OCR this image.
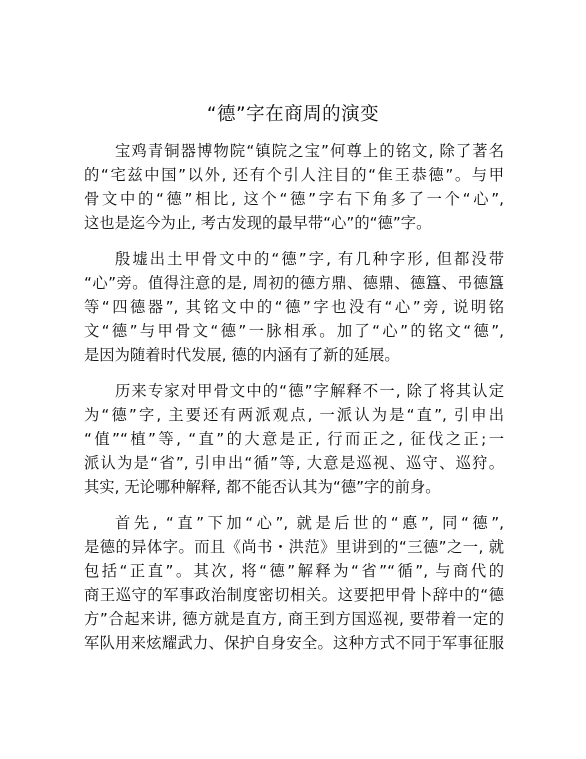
“德”字在商周的演变
宝鸡青铜器博物院“镇院之宝”何尊上的铭文, 除了著名
的“宅兹中国”以外, 还有个引人注目的“隹王恭德”。与甲
骨文中的“德”相比, 这个“德”字右下角多了一个“心”,
这也是迄今为止, 考古发现的最早带“心”的“德”字。
殷墟出土甲骨文中的“德”字, 有几种字形, 但都没带
“心”旁。值得注意的是, 周初的德方鼎、德鼎、德簋、弔德簋
等“四德器”, 其铭文中的“德”字也没有“心”旁, 说明铭
文“德”与甲骨文“德”一脉相承。加了“心”的铭文“德”,
是因为随着时代发展, 德的内涵有了新的延展。
历来专家对甲骨文中的“德”字解释不一, 除了将其认定
为“德”字, 主要还有两派观点, 一派认为是“直”, 引申出
“值”“植”等, “直”的大意是正, 行而正之, 征伐之正;一
派认为是“省”, 引申出“循”等, 大意是巡视、巡守、巡狩。
其实, 无论哪种解释, 都不能否认其为“德”字的前身。
首先, “直”下加“心”, 就是后世的“悳”, 同“德”,
是德的异体字。而且《尚书・洪范》里讲到的“三德”之一, 就
包括“正直”。其次, 将“德”解释为“省”“循”, 与商代的
商王巡守的军事政治制度密切相关。这要把甲骨卜辞中的“德
方”合起来讲, 德方就是直方, 商王到方国巡视, 要带着一定的
军队用来炫耀武力、保护自身安全。这种方式不同于军事征服
